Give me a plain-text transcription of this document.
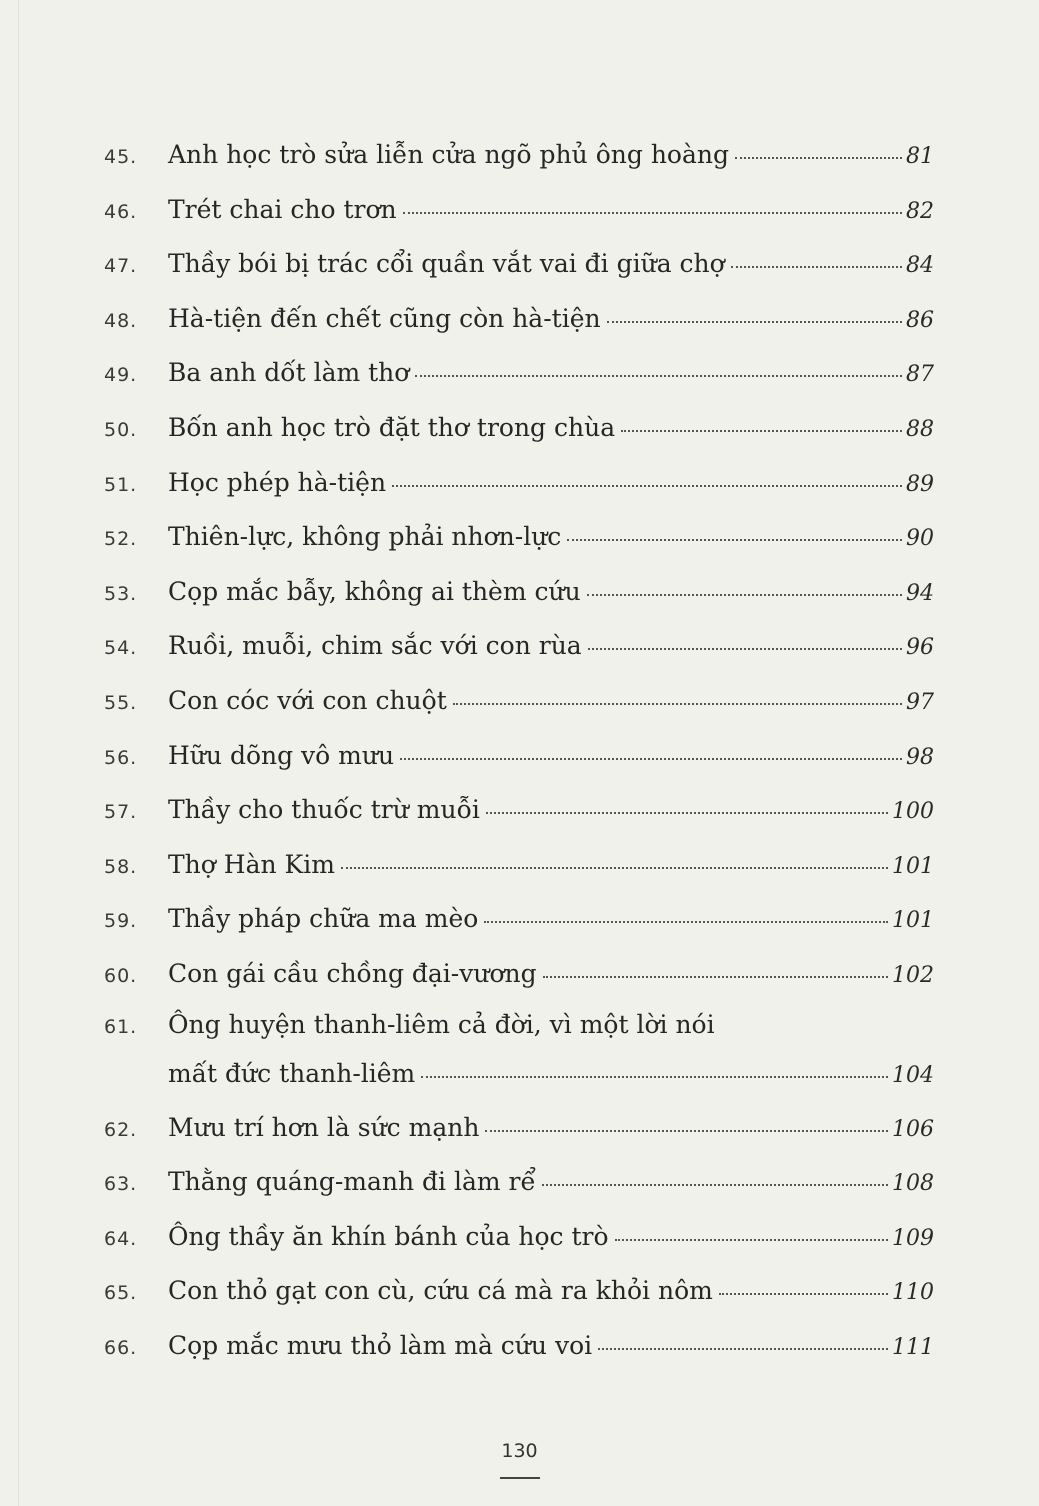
45.	Anh học trò sửa liễn cửa ngõ phủ ông hoàng	81
46.	Trét chai cho trơn	82
47.	Thầy bói bị trác cổi quần vắt vai đi giữa chợ	84
48.	Hà-tiện đến chết cũng còn hà-tiện	86
49.	Ba anh dốt làm thơ	87
50.	Bốn anh học trò đặt thơ trong chùa	88
51.	Học phép hà-tiện	89
52.	Thiên-lực, không phải nhơn-lực	90
53.	Cọp mắc bẫy, không ai thèm cứu	94
54.	Ruồi, muỗi, chim sắc với con rùa	96
55.	Con cóc với con chuột	97
56.	Hữu dõng vô mưu	98
57.	Thầy cho thuốc trừ muỗi	100
58.	Thợ Hàn Kim	101
59.	Thầy pháp chữa ma mèo	101
60.	Con gái cầu chồng đại-vương	102
61.	Ông huyện thanh-liêm cả đời, vì một lời nói
mất đức thanh-liêm	104
62.	Mưu trí hơn là sức mạnh	106
63.	Thằng quáng-manh đi làm rể	108
64.	Ông thầy ăn khín bánh của học trò	109
65.	Con thỏ gạt con cù, cứu cá mà ra khỏi nôm	110
66.	Cọp mắc mưu thỏ làm mà cứu voi	111
130
